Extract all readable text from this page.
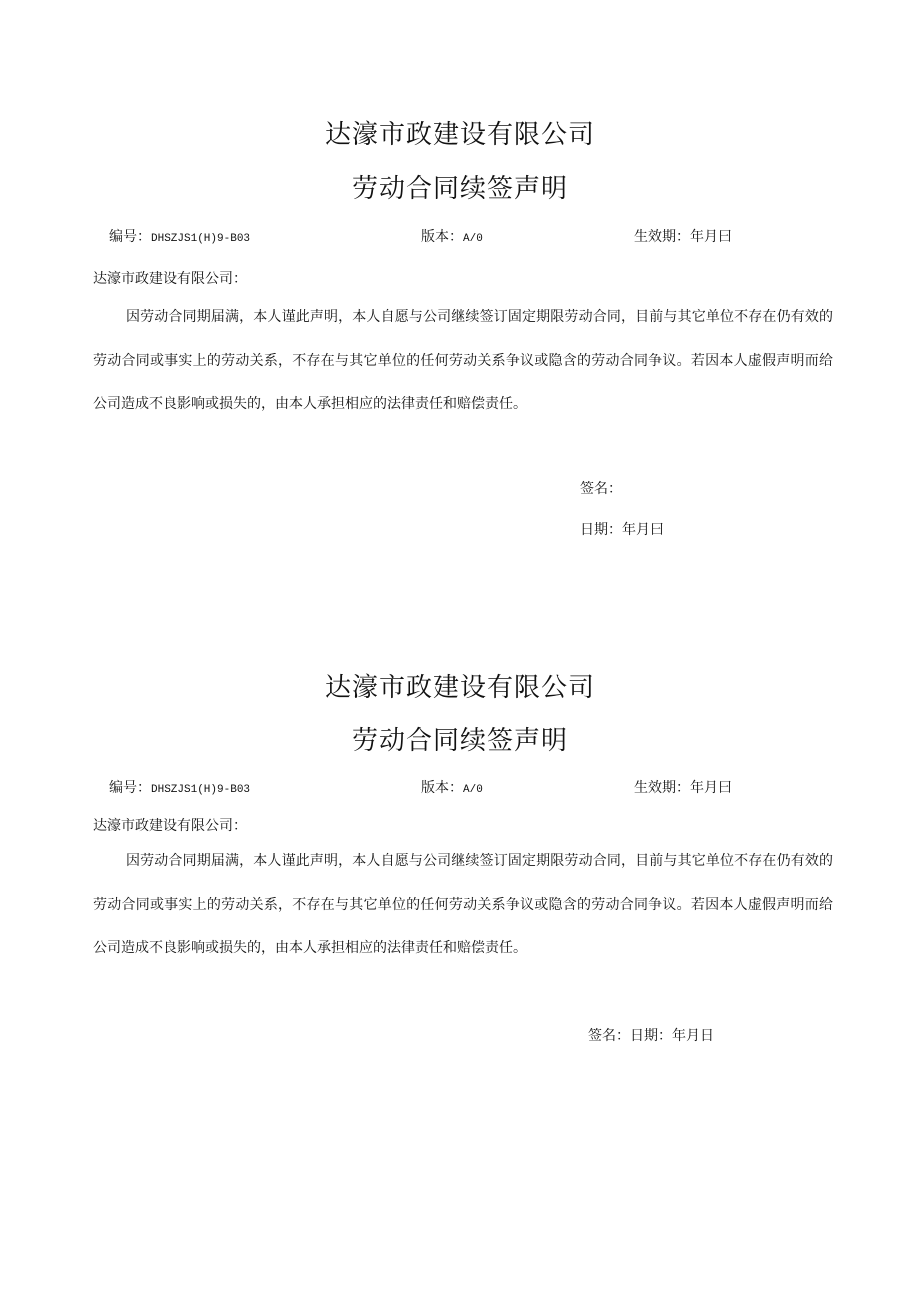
达濠市政建设有限公司
劳动合同续签声明
编号：DHSZJS1(H)9-B03	版本：A/0	生效期：年月曰
达濠市政建设有限公司：

因劳动合同期届满，本人谨此声明，本人自愿与公司继续签订固定期限劳动合同，目前与其它单位不存在仍有效的劳动合同或事实上的劳动关系，不存在与其它单位的任何劳动关系争议或隐含的劳动合同争议。若因本人虚假声明而给公司造成不良影响或损失的，由本人承担相应的法律责任和赔偿责任。

签名：
日期：年月曰
达濠市政建设有限公司
劳动合同续签声明
编号：DHSZJS1(H)9-B03	版本：A/0	生效期：年月曰
达濠市政建设有限公司：

因劳动合同期届满，本人谨此声明，本人自愿与公司继续签订固定期限劳动合同，目前与其它单位不存在仍有效的劳动合同或事实上的劳动关系，不存在与其它单位的任何劳动关系争议或隐含的劳动合同争议。若因本人虚假声明而给公司造成不良影响或损失的，由本人承担相应的法律责任和赔偿责任。

签名：日期：年月日
